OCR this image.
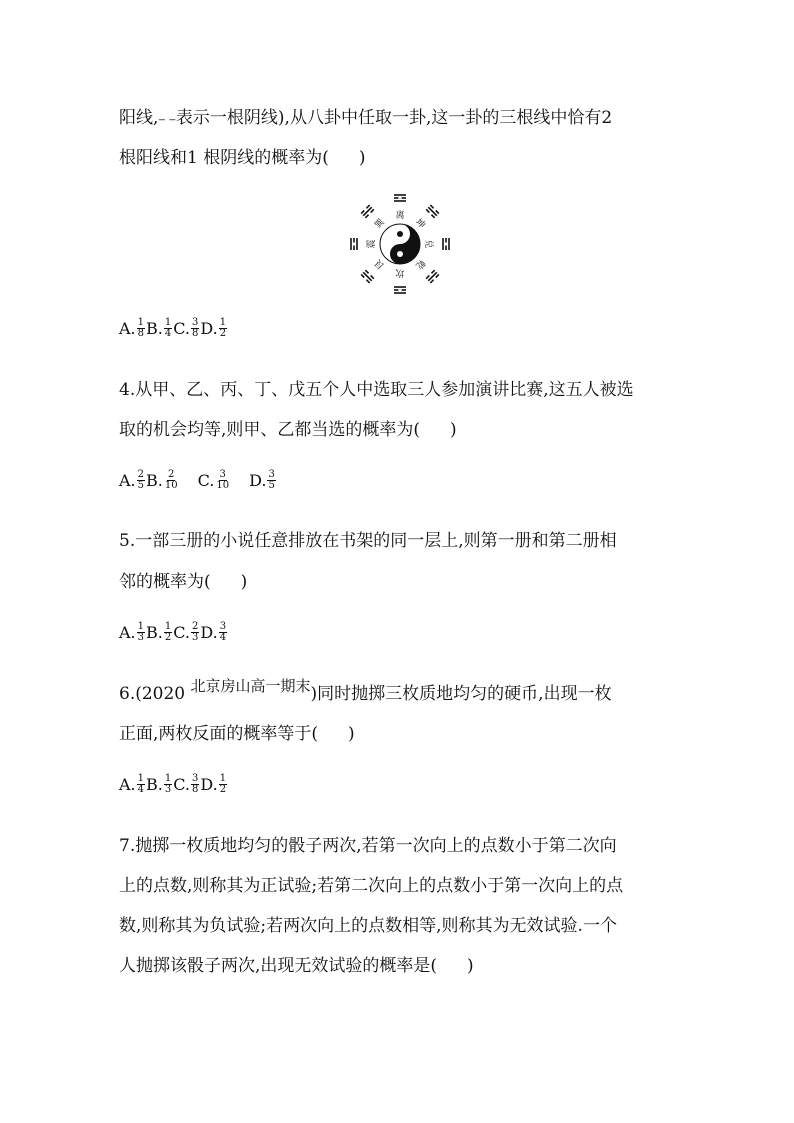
阳线,‒ ‒表示一根阴线),从八卦中任取一卦,这一卦的三根线中恰有2
根阳线和1 根阴线的概率为( )
离
坤
兑
乾
坎
艮
震
巽
A. $\frac{1}{8} B$. $\frac{1}{4} C$. $\frac{3}{8} D$. $\frac{1}{2}$
4.从甲、乙、丙、丁、戊五个人中选取三人参加演讲比赛,这五人被选
取的机会均等,则甲、乙都当选的概率为( )
A. $\frac{2}{5} B$. $\frac{2}{10} C$. $\frac{3}{10} D$. $\frac{3}{5}$
5.一部三册的小说任意排放在书架的同一层上,则第一册和第二册相
邻的概率为( )
A. $\frac{1}{3} B$. $\frac{1}{2} C$. $\frac{2}{3} D$. $\frac{3}{4}$
6.(2020 北京房山高一期末)同时抛掷三枚质地均匀的硬币,出现一枚
正面,两枚反面的概率等于( )
A. $\frac{1}{4} B$. $\frac{1}{3} C$. $\frac{3}{8} D$. $\frac{1}{2}$
7.抛掷一枚质地均匀的骰子两次,若第一次向上的点数小于第二次向
上的点数,则称其为正试验;若第二次向上的点数小于第一次向上的点
数,则称其为负试验;若两次向上的点数相等,则称其为无效试验.一个
人抛掷该骰子两次,出现无效试验的概率是( )
